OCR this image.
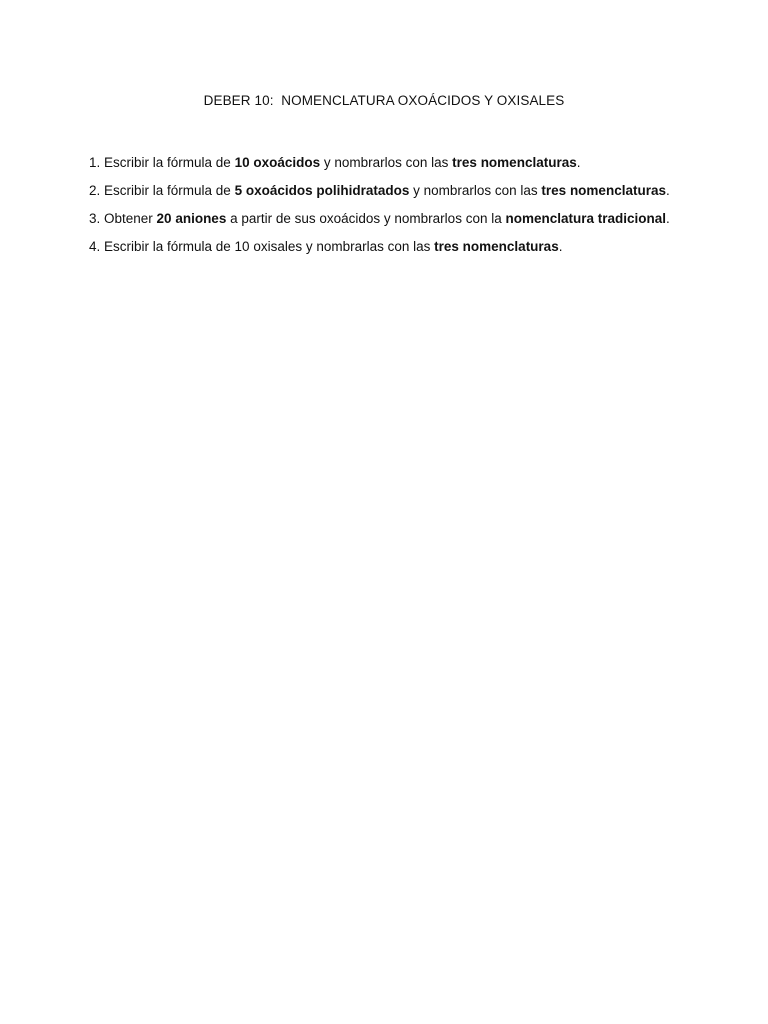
DEBER 10:  NOMENCLATURA OXOÁCIDOS Y OXISALES
1. Escribir la fórmula de 10 oxoácidos y nombrarlos con las tres nomenclaturas.
2. Escribir la fórmula de 5 oxoácidos polihidratados y nombrarlos con las tres nomenclaturas.
3. Obtener 20 aniones a partir de sus oxoácidos y nombrarlos con la nomenclatura tradicional.
4. Escribir la fórmula de 10 oxisales y nombrarlas con las tres nomenclaturas.
